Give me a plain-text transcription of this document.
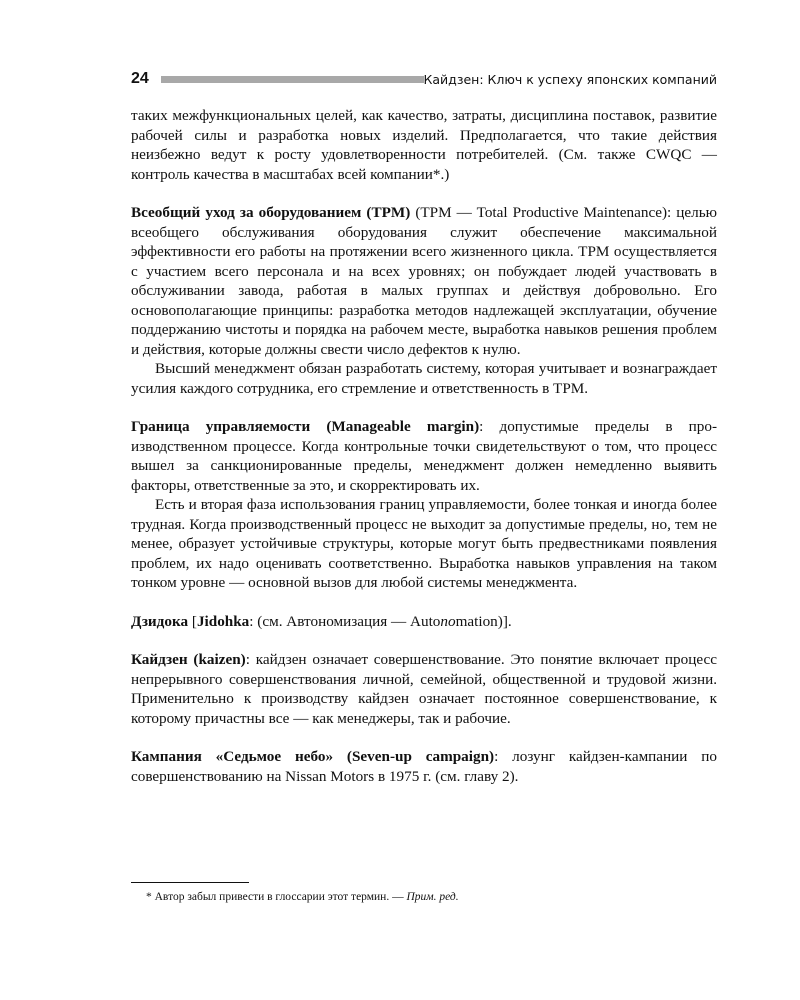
24	Кайдзен: Ключ к успеху японских компаний

таких межфункциональных целей, как качество, затраты, дисциплина поставок, развитие рабочей силы и разработка новых изделий. Предполагается, что такие действия неизбежно ведут к росту удовлетворенности потребителей. (См. также CWQC — контроль качества в масштабах всей компании*.)

Всеобщий уход за оборудованием (TPM) (TPM — Total Productive Maintenance): целью всеобщего обслуживания оборудования служит обеспечение максимальной эффективности его работы на протяжении всего жизненного цикла. TPM осуществляется с участием всего персонала и на всех уровнях; он побуждает людей участвовать в обслуживании завода, работая в малых группах и действуя добровольно. Его основополагающие принципы: разработка методов надлежащей эксплуатации, обучение поддержанию чистоты и порядка на рабочем месте, выработка навыков решения проблем и действия, которые должны свести число дефектов к нулю.

Высший менеджмент обязан разработать систему, которая учитывает и вознаграждает усилия каждого сотрудника, его стремление и ответственность в TPM.

Граница управляемости (Manageable margin): допустимые пределы в производственном процессе. Когда контрольные точки свидетельствуют о том, что процесс вышел за санкционированные пределы, менеджмент должен немедленно выявить факторы, ответственные за это, и скорректировать их.

Есть и вторая фаза использования границ управляемости, более тонкая и иногда более трудная. Когда производственный процесс не выходит за допустимые пределы, но, тем не менее, образует устойчивые структуры, которые могут быть предвестниками появления проблем, их надо оценивать соответственно. Выработка навыков управления на таком тонком уровне — основной вызов для любой системы менеджмента.

Дзидока [Jidohka: (см. Автономизация — Autonomation)].

Кайдзен (kaizen): кайдзен означает совершенствование. Это понятие включает процесс непрерывного совершенствования личной, семейной, общественной и трудовой жизни. Применительно к производству кайдзен означает постоянное совершенствование, к которому причастны все — как менеджеры, так и рабочие.

Кампания «Седьмое небо» (Seven-up campaign): лозунг кайдзен-кампании по совершенствованию на Nissan Motors в 1975 г. (см. главу 2).

* Автор забыл привести в глоссарии этот термин. — Прим. ред.
